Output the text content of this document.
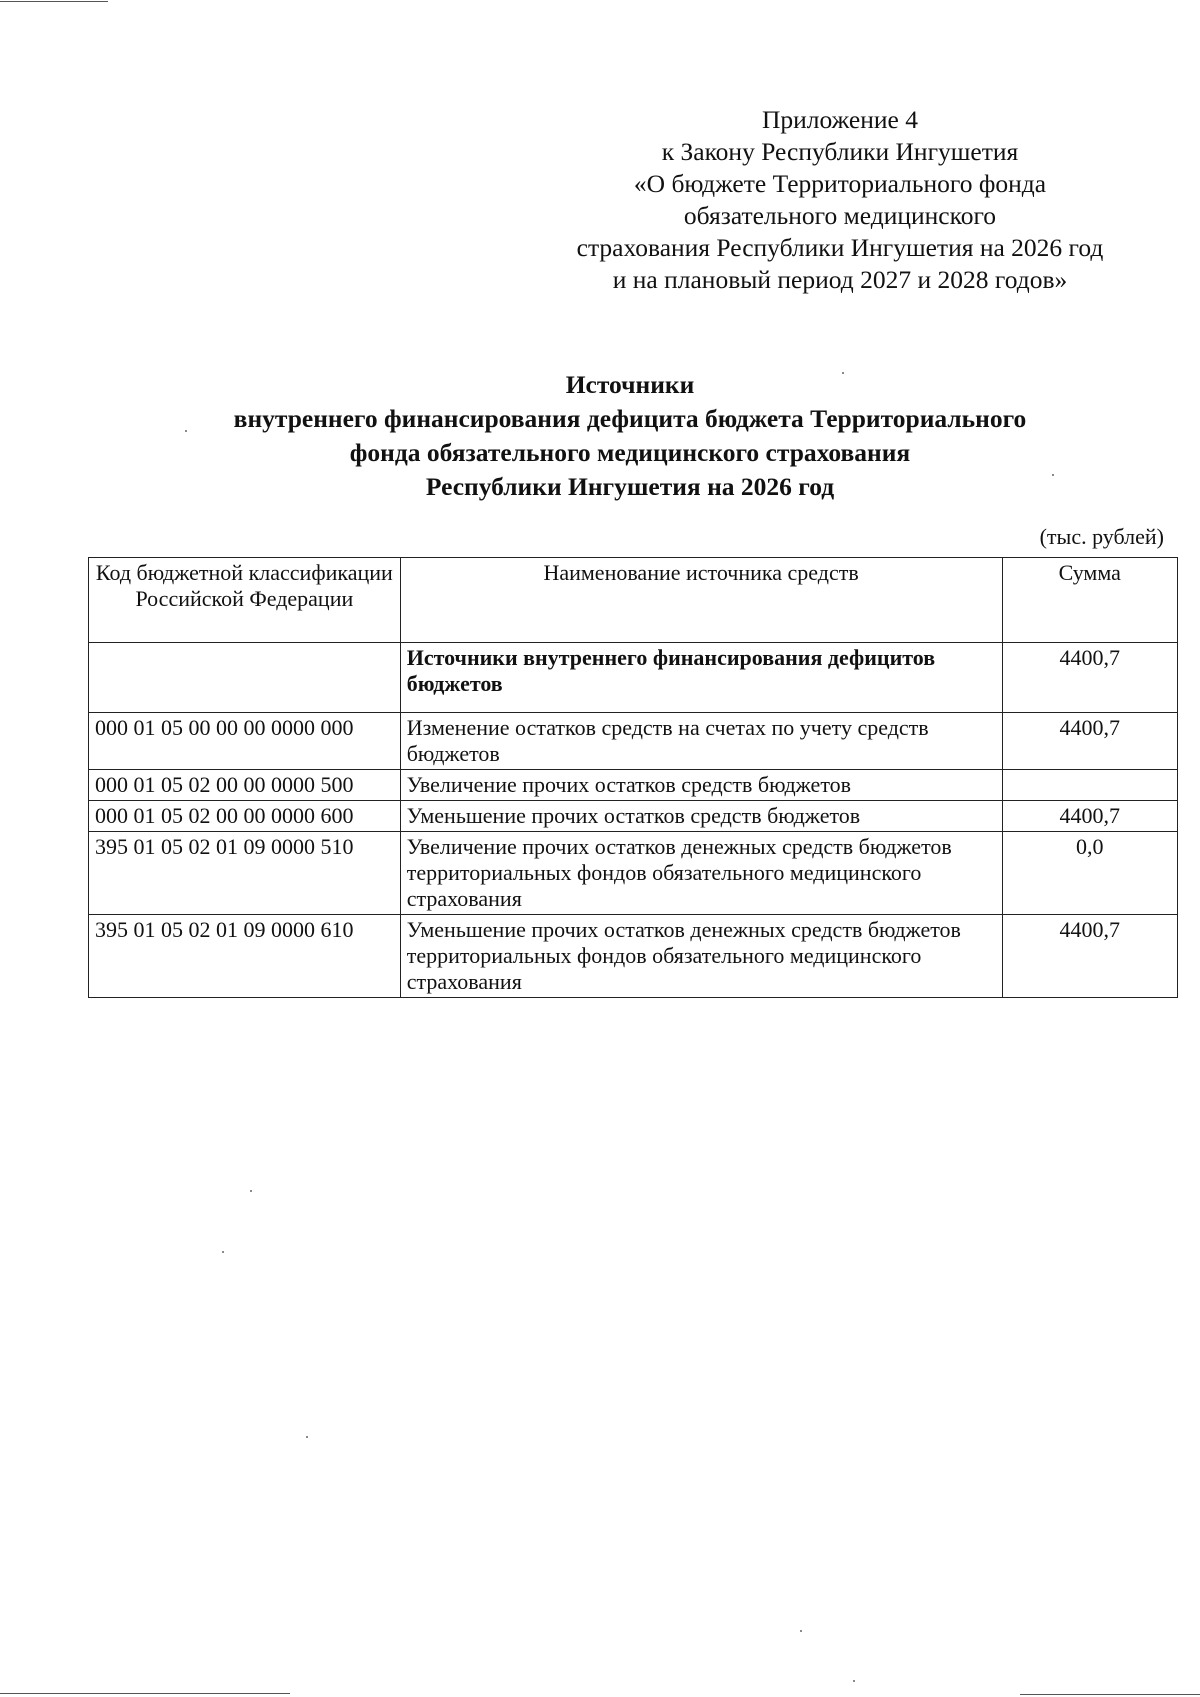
Приложение 4
к Закону Республики Ингушетия
«О бюджете Территориального фонда
обязательного медицинского
страхования Республики Ингушетия на 2026 год
и на плановый период 2027 и 2028 годов»
Источники
внутреннего финансирования дефицита бюджета Территориального
фонда обязательного медицинского страхования
Республики Ингушетия на 2026 год
(тыс. рублей)
Код бюджетной классификации Российской Федерации	Наименование источника средств	Сумма
	Источники внутреннего финансирования дефицитов бюджетов	4400,7
000 01 05 00 00 00 0000 000	Изменение остатков средств на счетах по учету средств бюджетов	4400,7
000 01 05 02 00 00 0000 500	Увеличение прочих остатков средств бюджетов	
000 01 05 02 00 00 0000 600	Уменьшение прочих остатков средств бюджетов	4400,7
395 01 05 02 01 09 0000 510	Увеличение прочих остатков денежных средств бюджетов территориальных фондов обязательного медицинского страхования	0,0
395 01 05 02 01 09 0000 610	Уменьшение прочих остатков денежных средств бюджетов территориальных фондов обязательного медицинского страхования	4400,7
